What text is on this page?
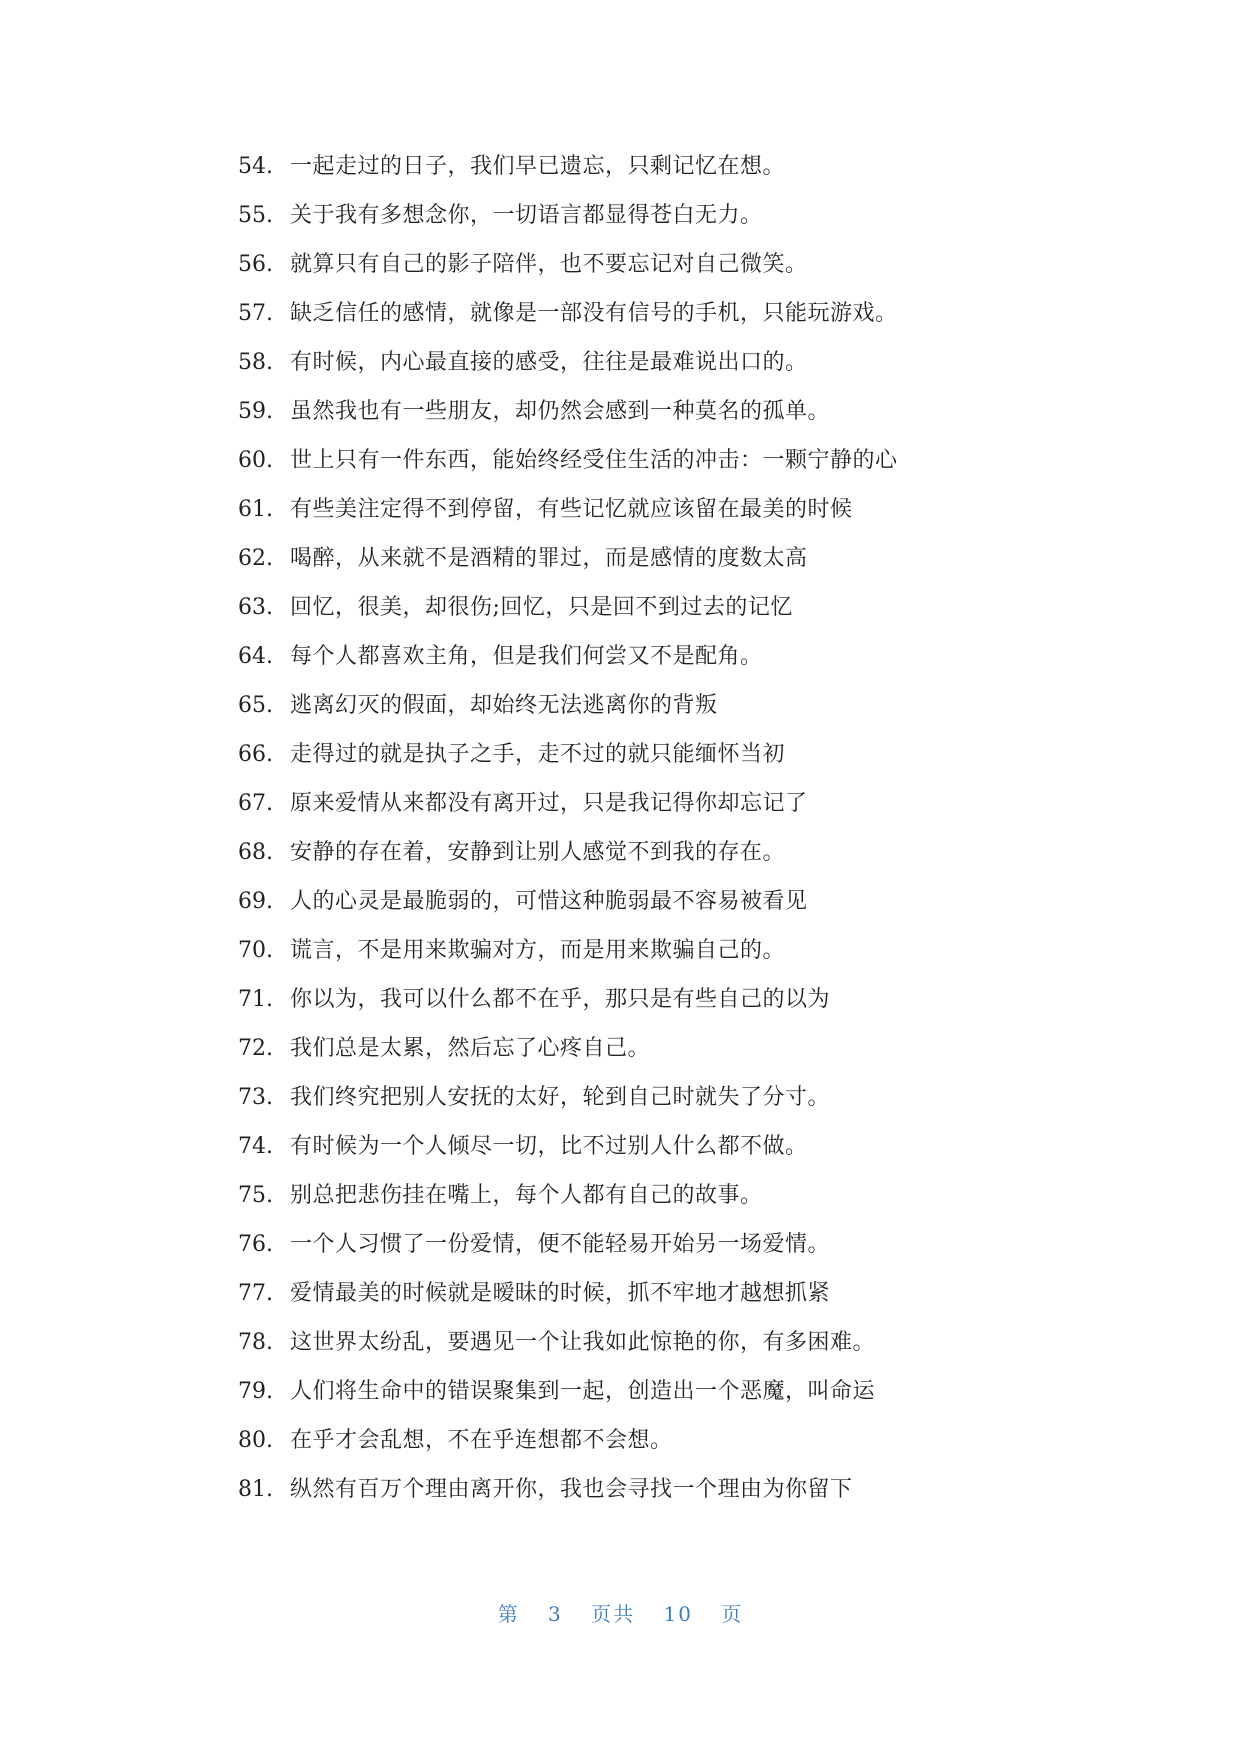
54. 一起走过的日子，我们早已遗忘，只剩记忆在想。
55. 关于我有多想念你，一切语言都显得苍白无力。
56. 就算只有自己的影子陪伴，也不要忘记对自己微笑。
57. 缺乏信任的感情，就像是一部没有信号的手机，只能玩游戏。
58. 有时候，内心最直接的感受，往往是最难说出口的。
59. 虽然我也有一些朋友，却仍然会感到一种莫名的孤单。
60. 世上只有一件东西，能始终经受住生活的冲击：一颗宁静的心
61. 有些美注定得不到停留，有些记忆就应该留在最美的时候
62. 喝醉，从来就不是酒精的罪过，而是感情的度数太高
63. 回忆，很美，却很伤;回忆，只是回不到过去的记忆
64. 每个人都喜欢主角，但是我们何尝又不是配角。
65. 逃离幻灭的假面，却始终无法逃离你的背叛
66. 走得过的就是执子之手，走不过的就只能缅怀当初
67. 原来爱情从来都没有离开过，只是我记得你却忘记了
68. 安静的存在着，安静到让别人感觉不到我的存在。
69. 人的心灵是最脆弱的，可惜这种脆弱最不容易被看见
70. 谎言，不是用来欺骗对方，而是用来欺骗自己的。
71. 你以为，我可以什么都不在乎，那只是有些自己的以为
72. 我们总是太累，然后忘了心疼自己。
73. 我们终究把别人安抚的太好，轮到自己时就失了分寸。
74. 有时候为一个人倾尽一切，比不过别人什么都不做。
75. 别总把悲伤挂在嘴上，每个人都有自己的故事。
76. 一个人习惯了一份爱情，便不能轻易开始另一场爱情。
77. 爱情最美的时候就是暧昧的时候，抓不牢地才越想抓紧
78. 这世界太纷乱，要遇见一个让我如此惊艳的你，有多困难。
79. 人们将生命中的错误聚集到一起，创造出一个恶魔，叫命运
80. 在乎才会乱想，不在乎连想都不会想。
81. 纵然有百万个理由离开你，我也会寻找一个理由为你留下
第 3 页共 10 页
